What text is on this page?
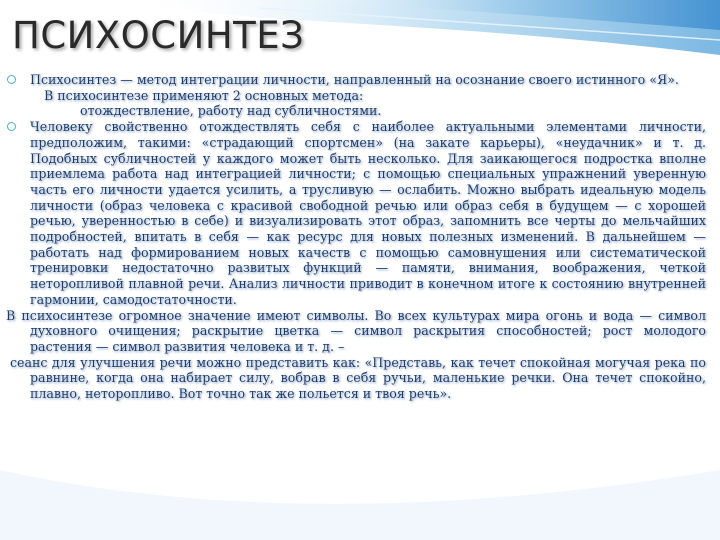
ПСИХОСИНТЕЗ

Психосинтез — метод интеграции личности, направленный на осознание своего истинного «Я».

В психосинтезе применяют 2 основных метода:

отождествление, работу над субличностями.

Человеку свойственно отождествлять себя с наиболее актуальными элементами личности, предположим, такими: «страдающий спортсмен» (на закате карьеры), «неудачник» и т. д. Подобных субличностей у каждого может быть несколько. Для заикающегося подростка вполне приемлема работа над интеграцией личности; с помощью специальных упражнений уверенную часть его личности удается усилить, а трусливую — ослабить. Можно выбрать идеальную модель личности (образ человека с красивой свободной речью или образ себя в будущем — с хорошей речью, уверенностью в себе) и визуализировать этот образ, запомнить все черты до мельчайших подробностей, впитать в себя — как ресурс для новых полезных изменений. В дальнейшем — работать над формированием новых качеств с помощью самовнушения или систематической тренировки недостаточно развитых функций — памяти, внимания, воображения, четкой неторопливой плавной речи. Анализ личности приводит в конечном итоге к состоянию внутренней гармонии, самодостаточности.

В психосинтезе огромное значение имеют символы. Во всех культурах мира огонь и вода — символ духовного очищения; раскрытие цветка — символ раскрытия способностей; рост молодого растения — символ развития человека и т. д. –

сеанс для улучшения речи можно представить как: «Представь, как течет спокойная могучая река по равнине, когда она набирает силу, вобрав в себя ручьи, маленькие речки. Она течет спокойно, плавно, неторопливо. Вот точно так же польется и твоя речь».
